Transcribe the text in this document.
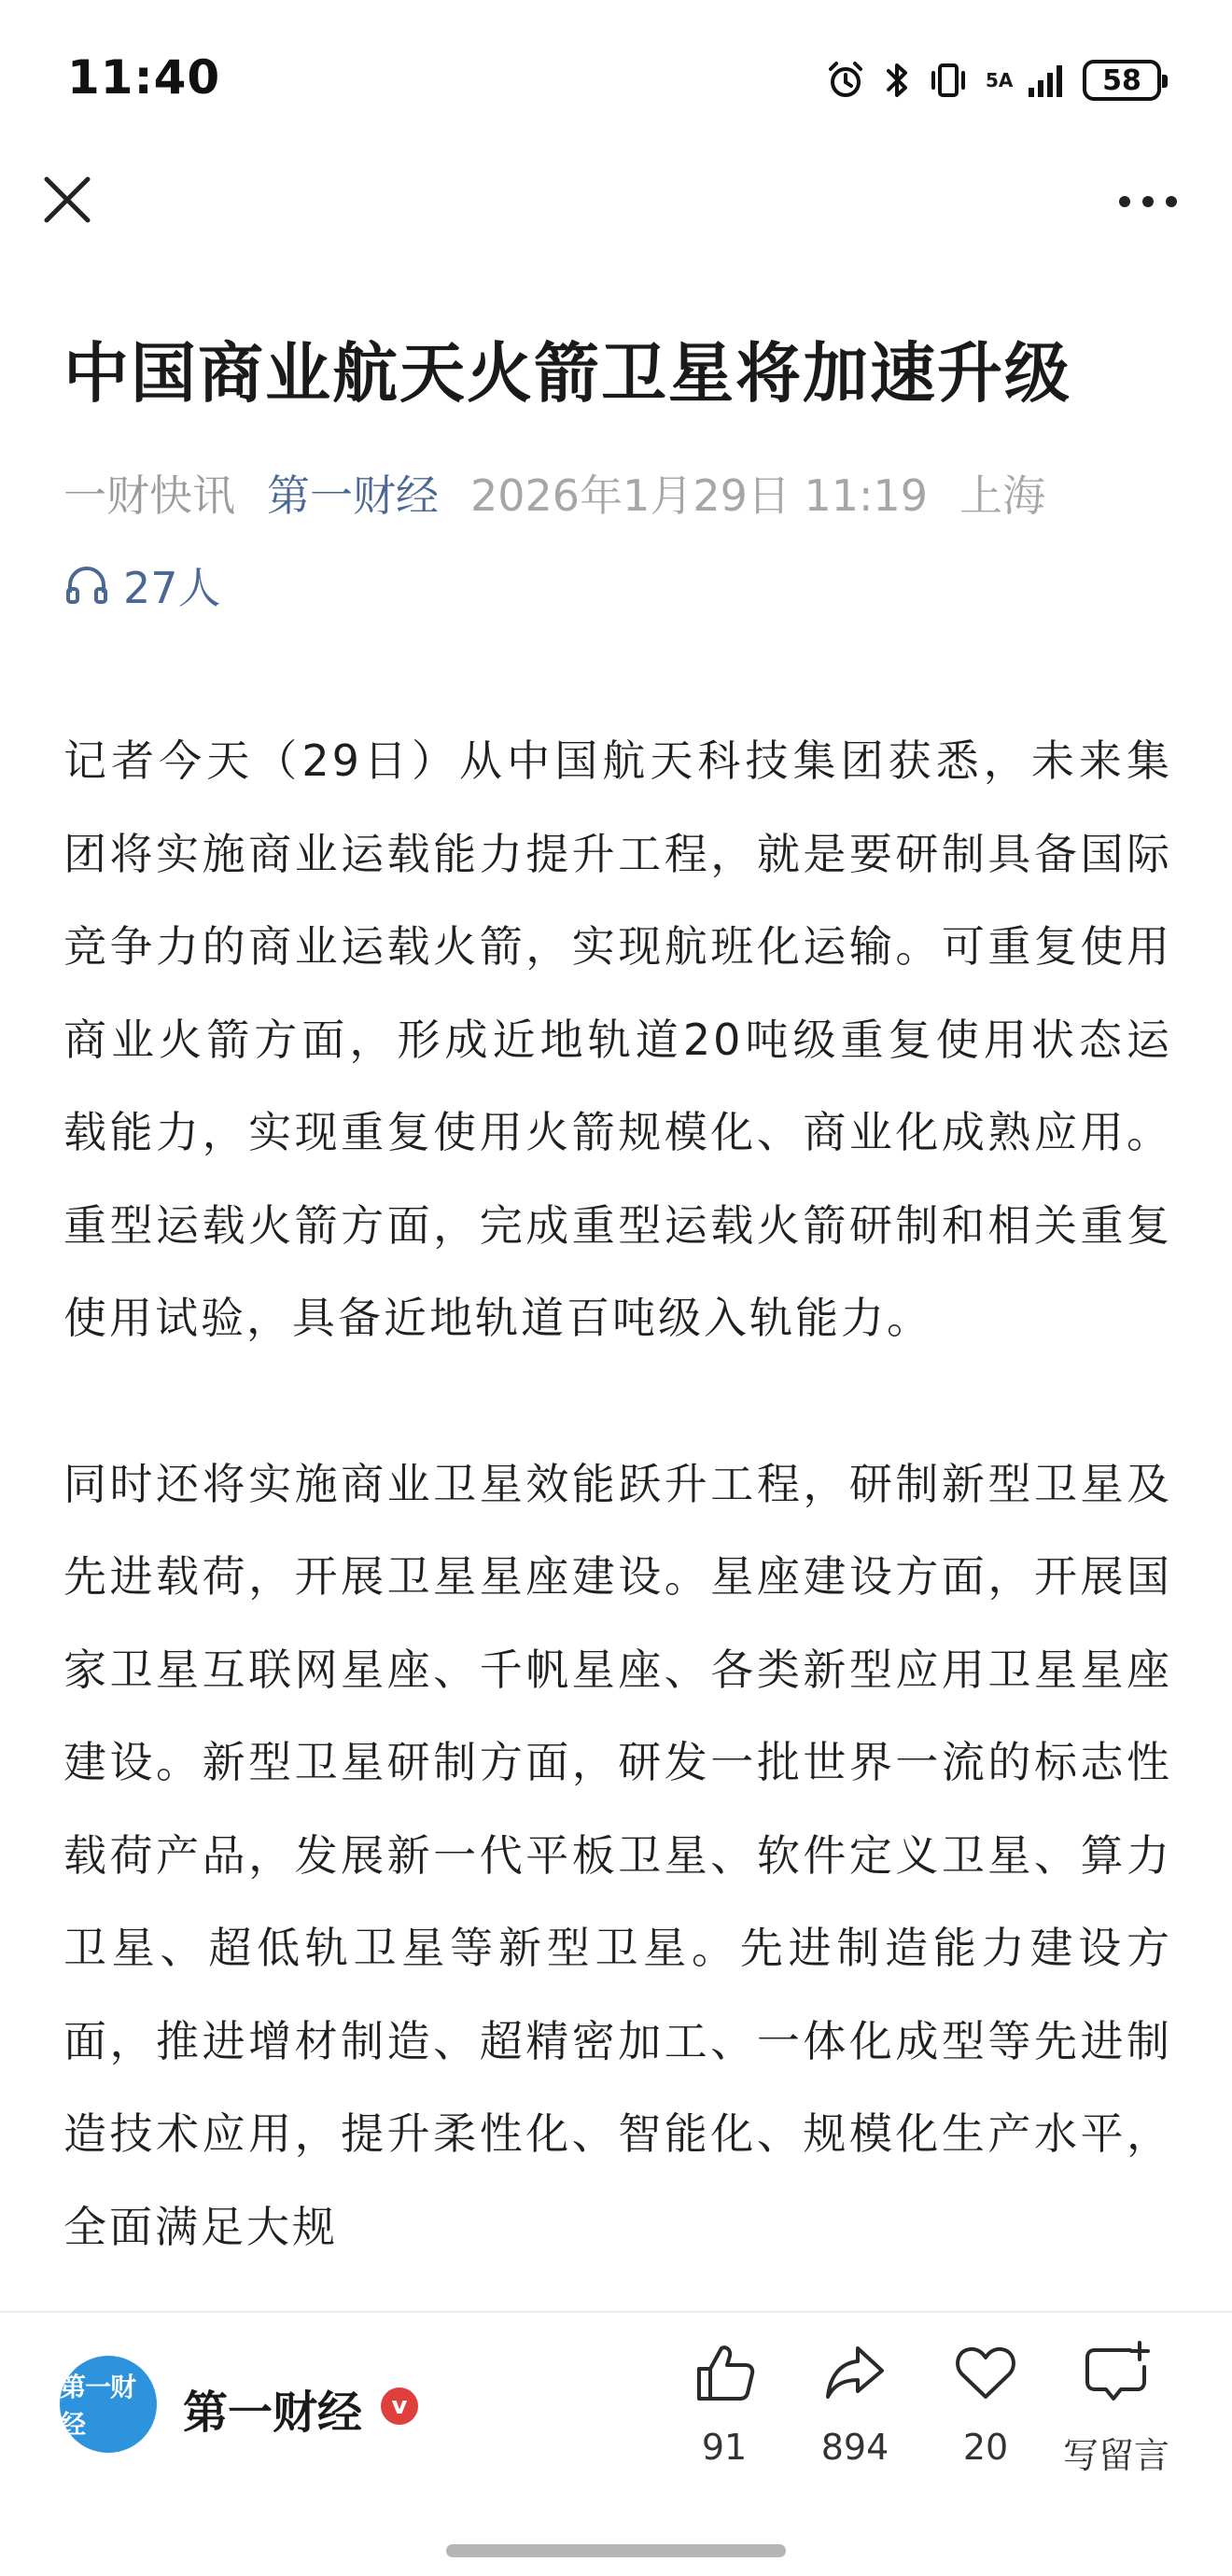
11:40	5A	58
中国商业航天火箭卫星将加速升级
一财快讯 第一财经 2026年1月29日 11:19 上海
27人

记者今天（29日）从中国航天科技集团获悉，未来集团将实施商业运载能力提升工程，就是要研制具备国际竞争力的商业运载火箭，实现航班化运输。可重复使用商业火箭方面，形成近地轨道20吨级重复使用状态运载能力，实现重复使用火箭规模化、商业化成熟应用。重型运载火箭方面，完成重型运载火箭研制和相关重复使用试验，具备近地轨道百吨级入轨能力。

同时还将实施商业卫星效能跃升工程，研制新型卫星及先进载荷，开展卫星星座建设。星座建设方面，开展国家卫星互联网星座、千帆星座、各类新型应用卫星星座建设。新型卫星研制方面，研发一批世界一流的标志性载荷产品，发展新一代平板卫星、软件定义卫星、算力卫星、超低轨卫星等新型卫星。先进制造能力建设方面，推进增材制造、超精密加工、一体化成型等先进制造技术应用，提升柔性化、智能化、规模化生产水平，全面满足大规

第一财经	第一财经	v
91 894 20 写留言
